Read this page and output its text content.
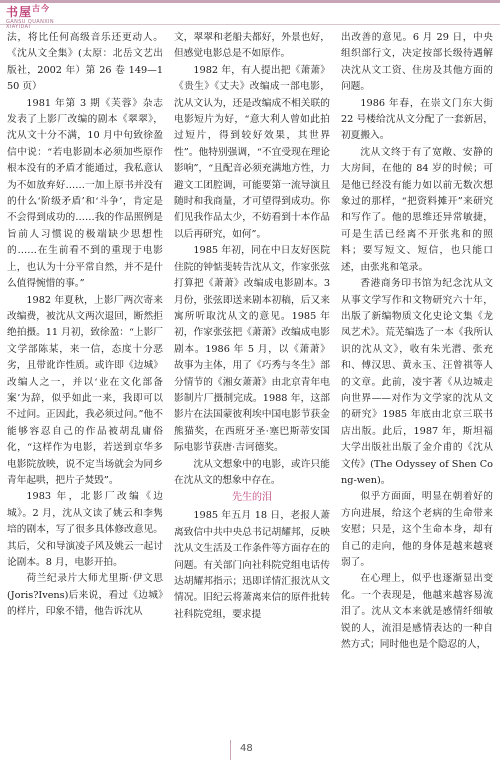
书屋$^{古今}$
GANSU QUANXIN
XIAYIDAI

法，将比任何高级音乐还更动人。《沈从文全集》(太原：北岳文艺出版社，2002 年）第 26 卷 149—150 页）

1981 年第 3 期《芙蓉》杂志发表了上影厂改编的剧本《翠翠》，沈从文十分不满，10 月中旬致徐盈信中说：“若电影剧本必须加些原作根本没有的矛盾才能通过，我私意认为不如放弃好……一加上原书并没有的什么‘阶级矛盾’和‘斗争’，肯定是不会得到成功的……我的作品照例是旨前人习惯说的极端缺少思想性的……在生前看不到的重现于电影上，也认为十分平常自然，并不是什么值得惋惜的事。”

1982 年夏秋，上影厂两次寄来改编费，被沈从文两次退回，断然拒绝拍摄。11 月初，致徐盈：“上影厂文学部陈某，来一信，态度十分恶劣，且带讹诈性质。或许即《边城》改编人之一，并以‘业在文化部备案’为辞，似乎如此一来，我即可以不过问。正因此，我必须过问。”他不能够容忍自己的作品被胡乱庸俗化，“这样作为电影，若送到京华多电影院放映，说不定当场就会为同乡青年起哄，把片子焚毁”。

1983 年，北影厂改编《边城》。2 月，沈从文读了姚云和李隽培的剧本，写了很多具体修改意见。其后，父和导演凌子风及姚云一起讨论剧本。8 月，电影开拍。

荷兰纪录片大师尤里斯·伊文思(Joris?Ivens)后来说，看过《边城》的样片，印象不错，他告诉沈从

文，翠翠和老船夫都好，外景也好，但感觉电影总是不如原作。

1982 年，有人提出把《萧萧》《贵生》《丈夫》改编成一部电影，沈从文认为，还是改编成不相关联的电影短片为好，“意大利人曾如此拍过短片，得到较好效果，其世界性”。他特别强调，“不宜受现在理论影响”，“且配音必须充满地方性，力避文工团腔调，可能要第一流导演且随时和我商量，才可望得到成功。你们见我作品太少，不妨看到十本作品以后再研究，如何”。

1985 年初，同在中日友好医院住院的钟惦斐转告沈从文，作家张弦打算把《萧萧》改编成电影剧本。3 月份，张弦即送来剧本初稿，后又来寓所听取沈从文的意见。1985 年初，作家张弦把《萧萧》改编成电影剧本。1986 年 5 月，以《萧萧》故事为主体，用了《巧秀与冬生》部分情节的《湘女萧萧》由北京青年电影制片厂摄制完成。1988 年，这部影片在法国蒙彼利埃中国电影节获金熊猫奖，在西班牙圣·塞巴斯蒂安国际电影节获唐·吉诃德奖。

沈从文想象中的电影，或许只能在沈从文的想象中存在。

先生的泪

1985 年五月 18 日，老报人萧离致信中共中央总书记胡耀邦，反映沈从文生活及工作条件等方面存在的问题。有关部门向社科院党组电话传达胡耀邦指示；迅即详情汇报沈从文情况。旧纪云将萧离来信的原件批转社科院党组，要求提

出改善的意见。6 月 29 日，中央组织部行文，决定按部长级待遇解决沈从文工资、住房及其他方面的问题。

1986 年春，在崇文门东大街 22 号楼给沈从文分配了一套新居，初夏搬入。

沈从文终于有了宽敞、安静的大房间，在他的 84 岁的时候；可是他已经没有能力如以前无数次想象过的那样，“把资料摊开”来研究和写作了。他的思维还异常敏捷，可是生活已经离不开张兆和的照料；要写短文、短信，也只能口述，由张兆和笔录。

香港商务印书馆为纪念沈从文从事文学写作和文物研究六十年，出版了新编物质文化史论文集《龙凤艺术》。荒芜编选了一本《我所认识的沈从文》，收有朱光潜、张充和、傅汉思、黄永玉、汪曾祺等人的文章。此前，凌宇著《从边城走向世界——对作为文学家的沈从文的研究》1985 年底由北京三联书店出版。此后，1987 年，斯坦福大学出版社出版了金介甫的《沈从文传》(The Odyssey of Shen Cong-wen)。

似乎方面面，明显在朝着好的方向进展，给这个老病的生命带来安慰；只是，这个生命本身，却有自己的走向，他的身体是越来越衰弱了。

在心理上，似乎也逐渐显出变化。一个表现是，他越来越容易流泪了。沈从文本来就是感情纤细敏锐的人，流泪是感情表达的一种自然方式；同时他也是个隐忍的人，

48
